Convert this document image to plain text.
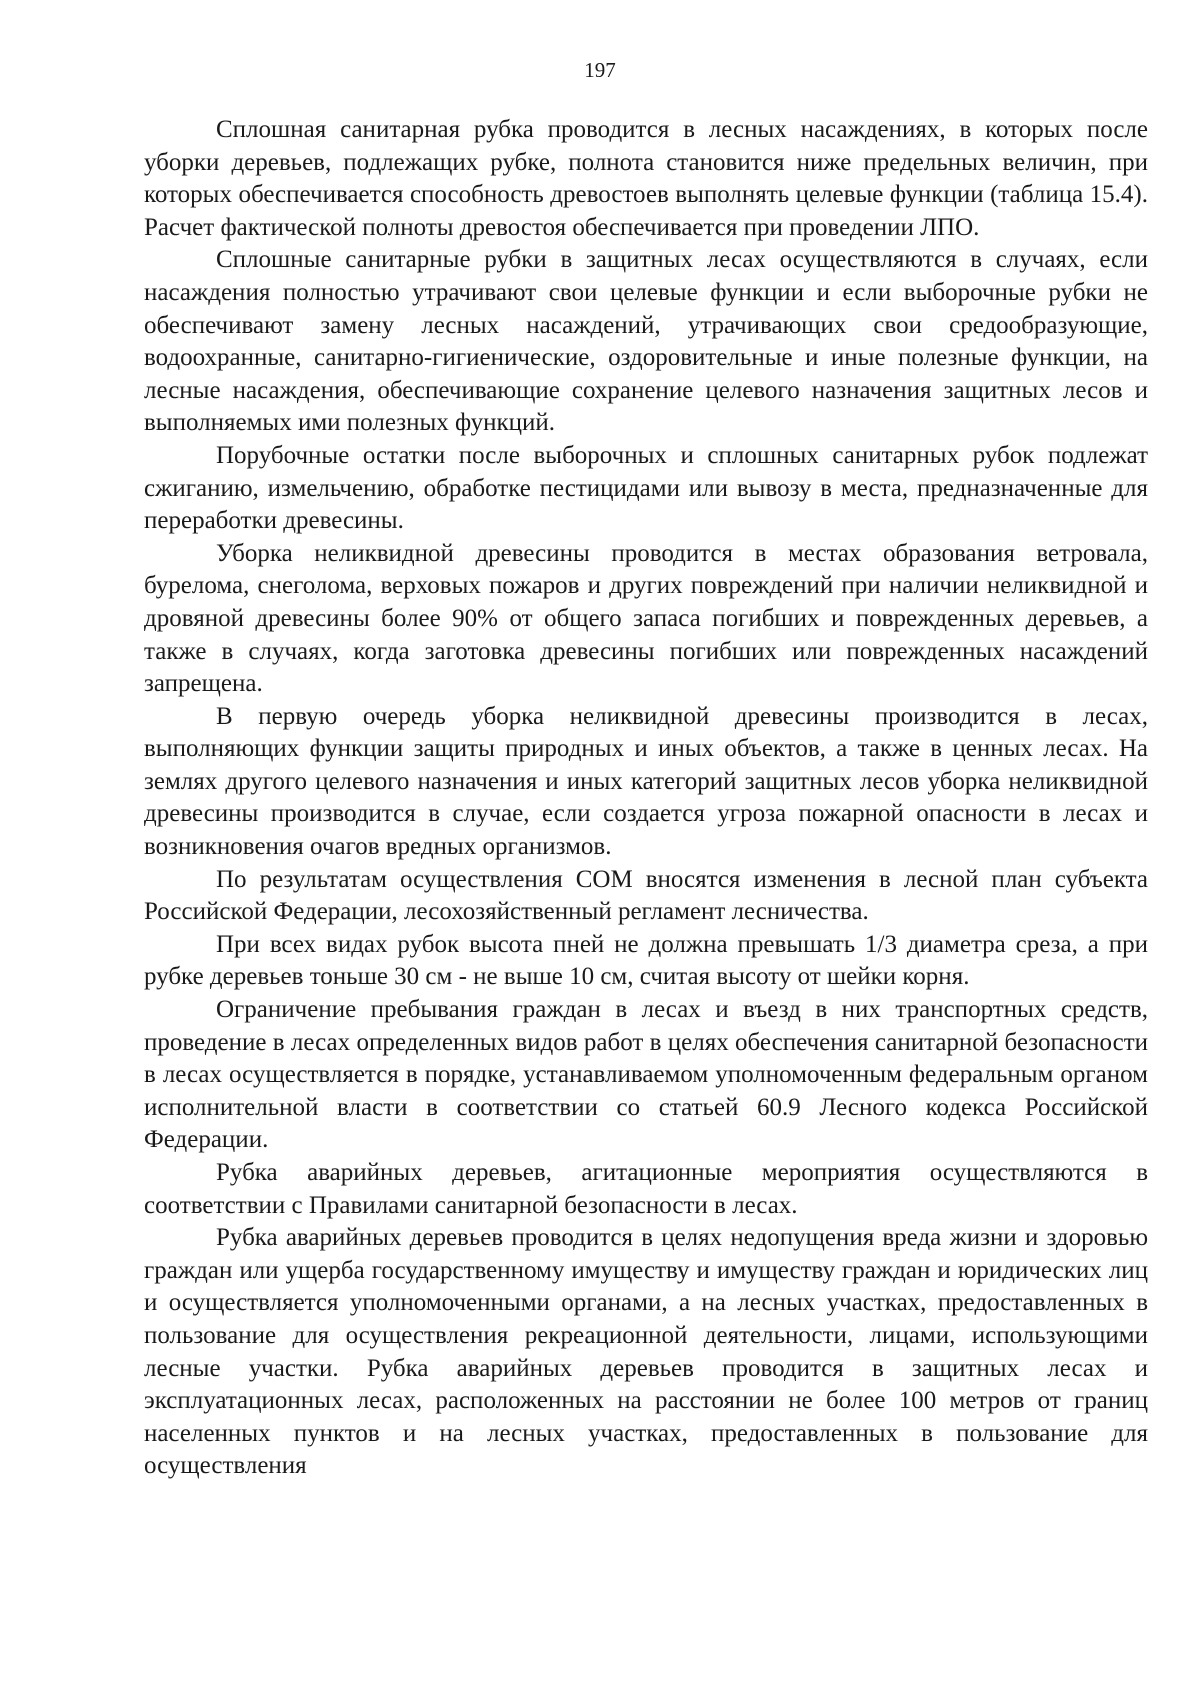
197

Сплошная санитарная рубка проводится в лесных насаждениях, в которых после уборки деревьев, подлежащих рубке, полнота становится ниже предельных величин, при которых обеспечивается способность древостоев выполнять целевые функции (таблица 15.4). Расчет фактической полноты древостоя обеспечивается при проведении ЛПО.

Сплошные санитарные рубки в защитных лесах осуществляются в случаях, если насаждения полностью утрачивают свои целевые функции и если выборочные рубки не обеспечивают замену лесных насаждений, утрачивающих свои средообразующие, водоохранные, санитарно-гигиенические, оздоровительные и иные полезные функции, на лесные насаждения, обеспечивающие сохранение целевого назначения защитных лесов и выполняемых ими полезных функций.

Порубочные остатки после выборочных и сплошных санитарных рубок подлежат сжиганию, измельчению, обработке пестицидами или вывозу в места, предназначенные для переработки древесины.

Уборка неликвидной древесины проводится в местах образования ветровала, бурелома, снеголома, верховых пожаров и других повреждений при наличии неликвидной и дровяной древесины более 90% от общего запаса погибших и поврежденных деревьев, а также в случаях, когда заготовка древесины погибших или поврежденных насаждений запрещена.

В первую очередь уборка неликвидной древесины производится в лесах, выполняющих функции защиты природных и иных объектов, а также в ценных лесах. На землях другого целевого назначения и иных категорий защитных лесов уборка неликвидной древесины производится в случае, если создается угроза пожарной опасности в лесах и возникновения очагов вредных организмов.

По результатам осуществления СОМ вносятся изменения в лесной план субъекта Российской Федерации, лесохозяйственный регламент лесничества.

При всех видах рубок высота пней не должна превышать 1/3 диаметра среза, а при рубке деревьев тоньше 30 см - не выше 10 см, считая высоту от шейки корня.

Ограничение пребывания граждан в лесах и въезд в них транспортных средств, проведение в лесах определенных видов работ в целях обеспечения санитарной безопасности в лесах осуществляется в порядке, устанавливаемом уполномоченным федеральным органом исполнительной власти в соответствии со статьей 60.9 Лесного кодекса Российской Федерации.

Рубка аварийных деревьев, агитационные мероприятия осуществляются в соответствии с Правилами санитарной безопасности в лесах.

Рубка аварийных деревьев проводится в целях недопущения вреда жизни и здоровью граждан или ущерба государственному имуществу и имуществу граждан и юридических лиц и осуществляется уполномоченными органами, а на лесных участках, предоставленных в пользование для осуществления рекреационной деятельности, лицами, использующими лесные участки. Рубка аварийных деревьев проводится в защитных лесах и эксплуатационных лесах, расположенных на расстоянии не более 100 метров от границ населенных пунктов и на лесных участках, предоставленных в пользование для осуществления
